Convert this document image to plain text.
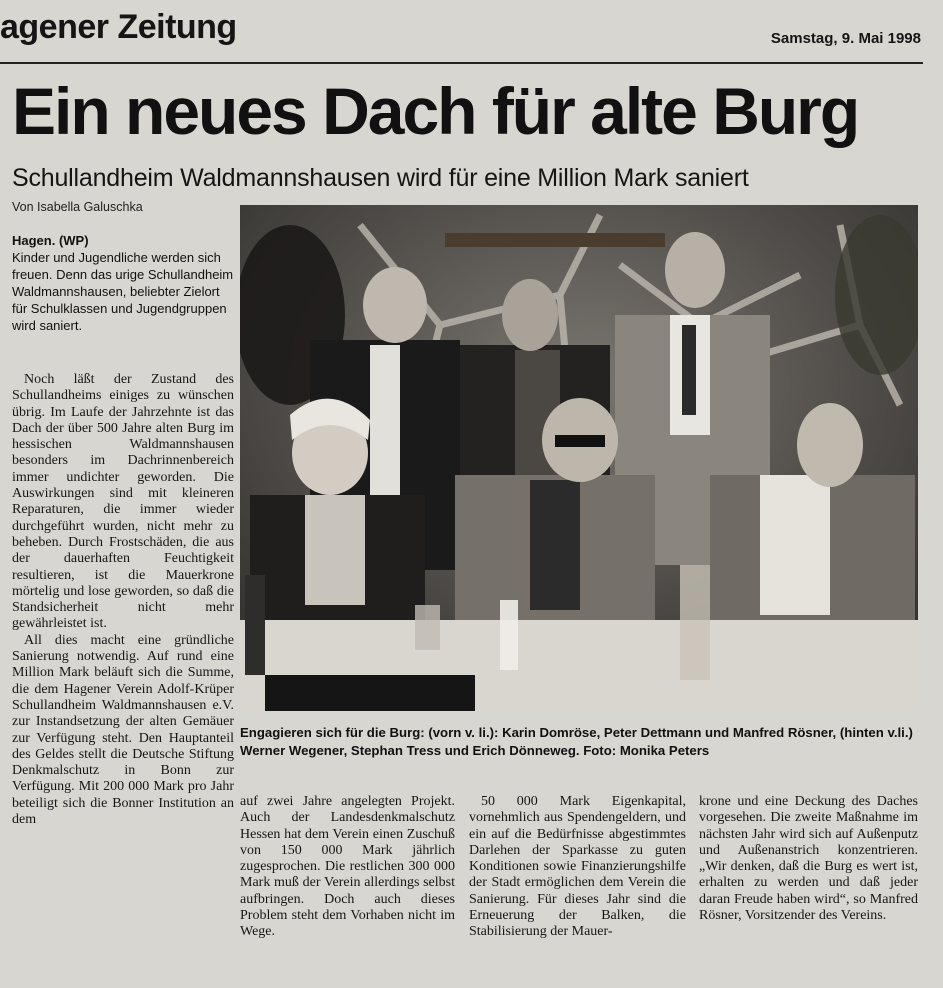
agener Zeitung	Samstag, 9. Mai 1998
Ein neues Dach für alte Burg
Schullandheim Waldmannshausen wird für eine Million Mark saniert
Von Isabella Galuschka
Hagen. (WP)
Kinder und Jugendliche werden sich freuen. Denn das urige Schullandheim Waldmannshausen, beliebter Zielort für Schulklassen und Jugendgruppen wird saniert.

Noch läßt der Zustand des Schullandheims einiges zu wünschen übrig. Im Laufe der Jahrzehnte ist das Dach der über 500 Jahre alten Burg im hessischen Waldmannshausen besonders im Dachrinnenbereich immer undichter geworden. Die Auswirkungen sind mit kleineren Reparaturen, die immer wieder durchgeführt wurden, nicht mehr zu beheben. Durch Frostschäden, die aus der dauerhaften Feuchtigkeit resultieren, ist die Mauerkrone mörtelig und lose geworden, so daß die Standsicherheit nicht mehr gewährleistet ist.

All dies macht eine gründliche Sanierung notwendig. Auf rund eine Million Mark beläuft sich die Summe, die dem Hagener Verein Adolf-Krüper Schullandheim Waldmannshausen e.V. zur Instandsetzung der alten Gemäuer zur Verfügung steht. Den Hauptanteil des Geldes stellt die Deutsche Stiftung Denkmalschutz in Bonn zur Verfügung. Mit 200 000 Mark pro Jahr beteiligt sich die Bonner Institution an dem

Engagieren sich für die Burg: (vorn v. li.): Karin Domröse, Peter Dettmann und Manfred Rösner, (hinten v.li.) Werner Wegener, Stephan Tress und Erich Dönneweg. Foto: Monika Peters

auf zwei Jahre angelegten Projekt. Auch der Landesdenkmalschutz Hessen hat dem Verein einen Zuschuß von 150 000 Mark jährlich zugesprochen. Die restlichen 300 000 Mark muß der Verein allerdings selbst aufbringen. Doch auch dieses Problem steht dem Vorhaben nicht im Wege.

50 000 Mark Eigenkapital, vornehmlich aus Spendengeldern, und ein auf die Bedürfnisse abgestimmtes Darlehen der Sparkasse zu guten Konditionen sowie Finanzierungshilfe der Stadt ermöglichen dem Verein die Sanierung. Für dieses Jahr sind die Erneuerung der Balken, die Stabilisierung der Mauer-

krone und eine Deckung des Daches vorgesehen. Die zweite Maßnahme im nächsten Jahr wird sich auf Außenputz und Außenanstrich konzentrieren. „Wir denken, daß die Burg es wert ist, erhalten zu werden und daß jeder daran Freude haben wird“, so Manfred Rösner, Vorsitzender des Vereins.
